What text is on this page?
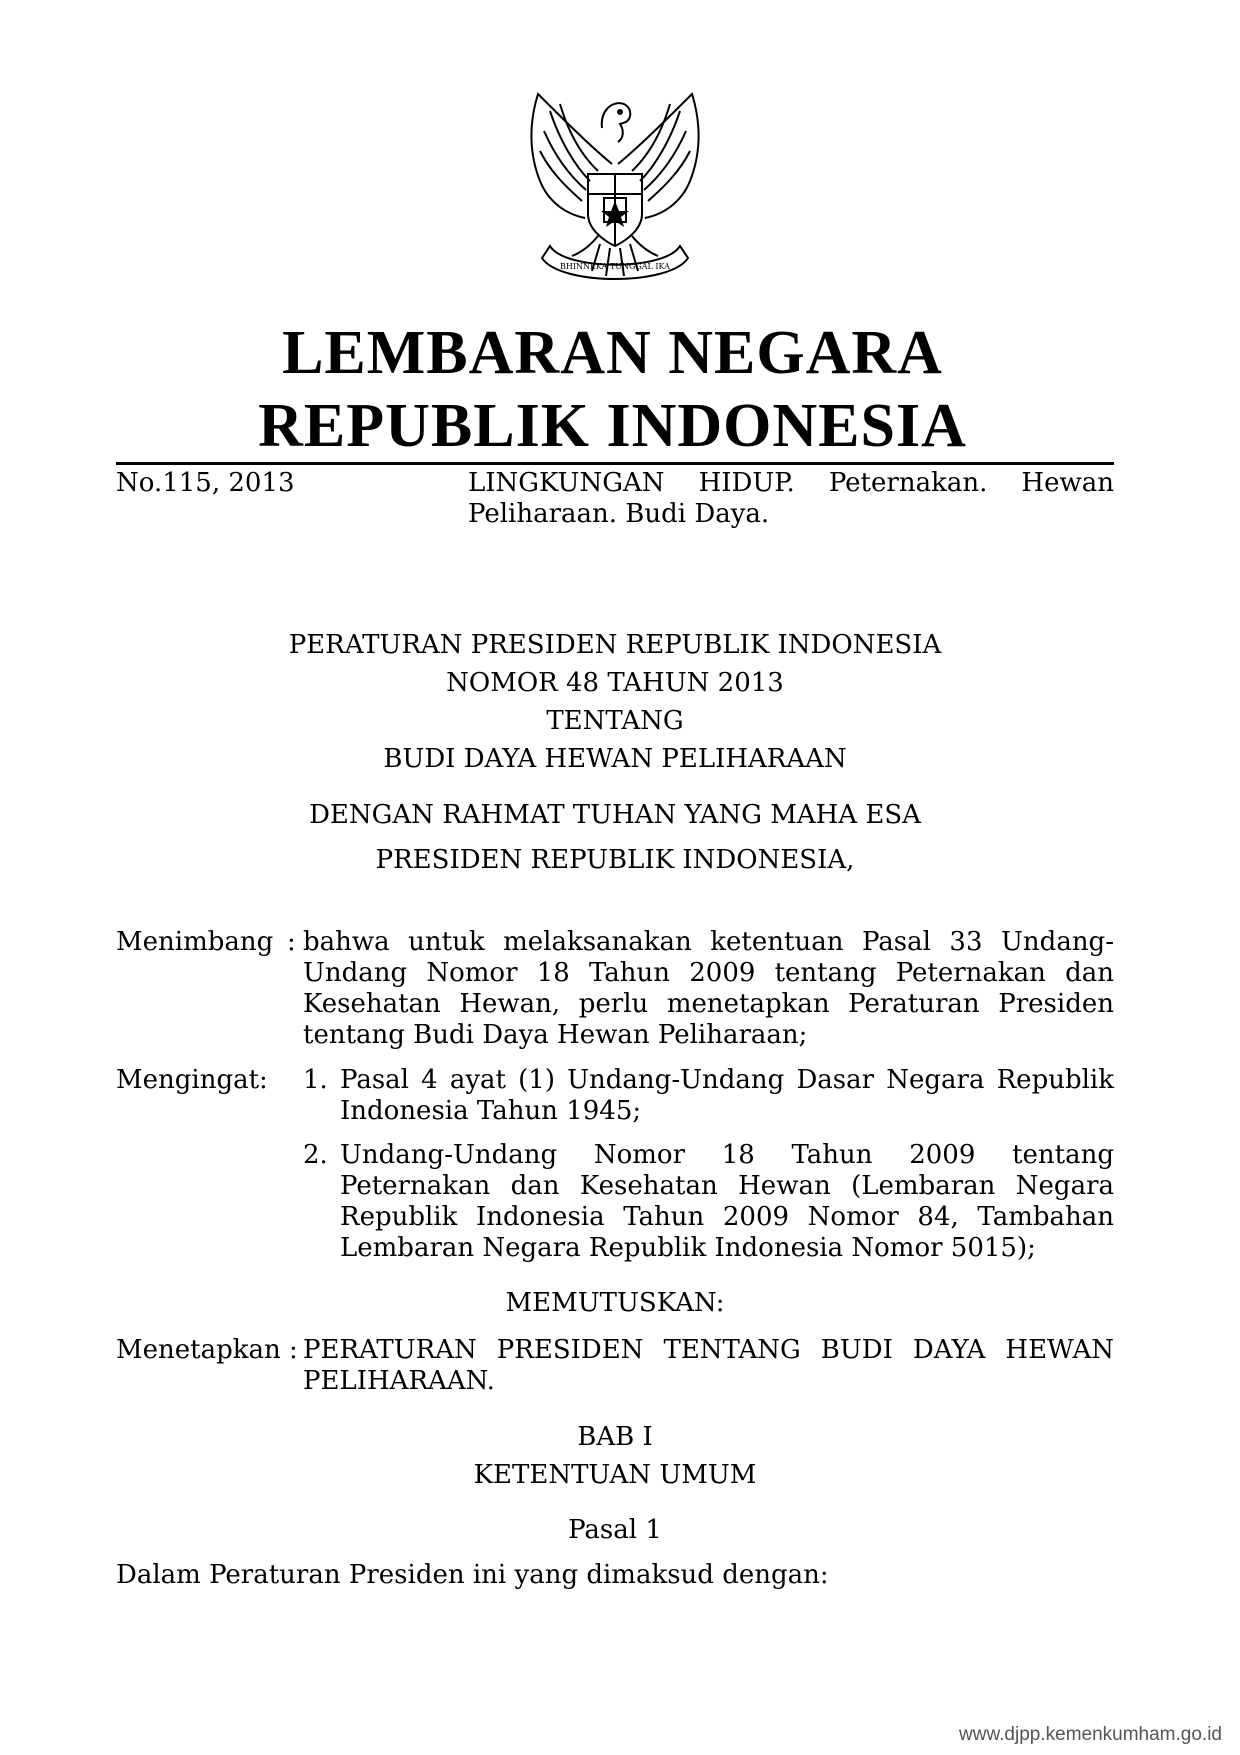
BHINNEKA TUNGGAL IKA
LEMBARAN NEGARA
REPUBLIK INDONESIA
No.115, 2013	LINGKUNGAN HIDUP. Peternakan. Hewan
Peliharaan. Budi Daya.
PERATURAN PRESIDEN REPUBLIK INDONESIA
NOMOR 48 TAHUN 2013
TENTANG
BUDI DAYA HEWAN PELIHARAAN
DENGAN RAHMAT TUHAN YANG MAHA ESA
PRESIDEN REPUBLIK INDONESIA,
Menimbang : bahwa untuk melaksanakan ketentuan Pasal 33 Undang-
Undang Nomor 18 Tahun 2009 tentang Peternakan dan
Kesehatan Hewan, perlu menetapkan Peraturan Presiden
tentang Budi Daya Hewan Peliharaan;
Mengingat: 1. Pasal 4 ayat (1) Undang-Undang Dasar Negara Republik
Indonesia Tahun 1945;
2. Undang-Undang Nomor 18 Tahun 2009 tentang
Peternakan dan Kesehatan Hewan (Lembaran Negara
Republik Indonesia Tahun 2009 Nomor 84, Tambahan
Lembaran Negara Republik Indonesia Nomor 5015);
MEMUTUSKAN:
Menetapkan : PERATURAN PRESIDEN TENTANG BUDI DAYA HEWAN
PELIHARAAN.
BAB I
KETENTUAN UMUM
Pasal 1
Dalam Peraturan Presiden ini yang dimaksud dengan:
www.djpp.kemenkumham.go.id
